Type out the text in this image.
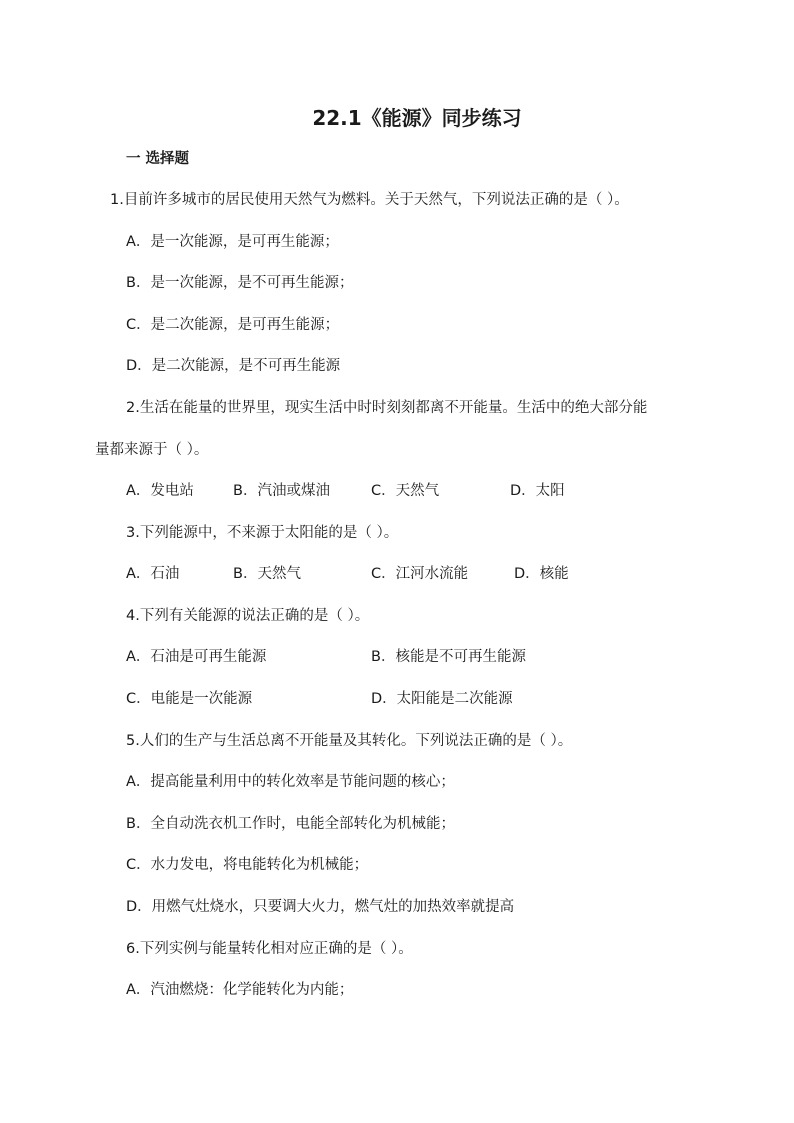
22.1《能源》同步练习
一 选择题
1.目前许多城市的居民使用天然气为燃料。关于天然气，下列说法正确的是（ ）。
A．是一次能源，是可再生能源；
B．是一次能源，是不可再生能源；
C．是二次能源，是可再生能源；
D．是二次能源，是不可再生能源
2.生活在能量的世界里，现实生活中时时刻刻都离不开能量。生活中的绝大部分能
量都来源于（ ）。
A．发电站	B．汽油或煤油	C．天然气	D．太阳
3.下列能源中，不来源于太阳能的是（ ）。
A．石油	B．天然气	C．江河水流能	D．核能
4.下列有关能源的说法正确的是（ ）。
A．石油是可再生能源	B．核能是不可再生能源
C．电能是一次能源	D．太阳能是二次能源
5.人们的生产与生活总离不开能量及其转化。下列说法正确的是（ ）。
A．提高能量利用中的转化效率是节能问题的核心；
B．全自动洗衣机工作时，电能全部转化为机械能；
C．水力发电，将电能转化为机械能；
D．用燃气灶烧水，只要调大火力，燃气灶的加热效率就提高
6.下列实例与能量转化相对应正确的是（ ）。
A．汽油燃烧：化学能转化为内能；
